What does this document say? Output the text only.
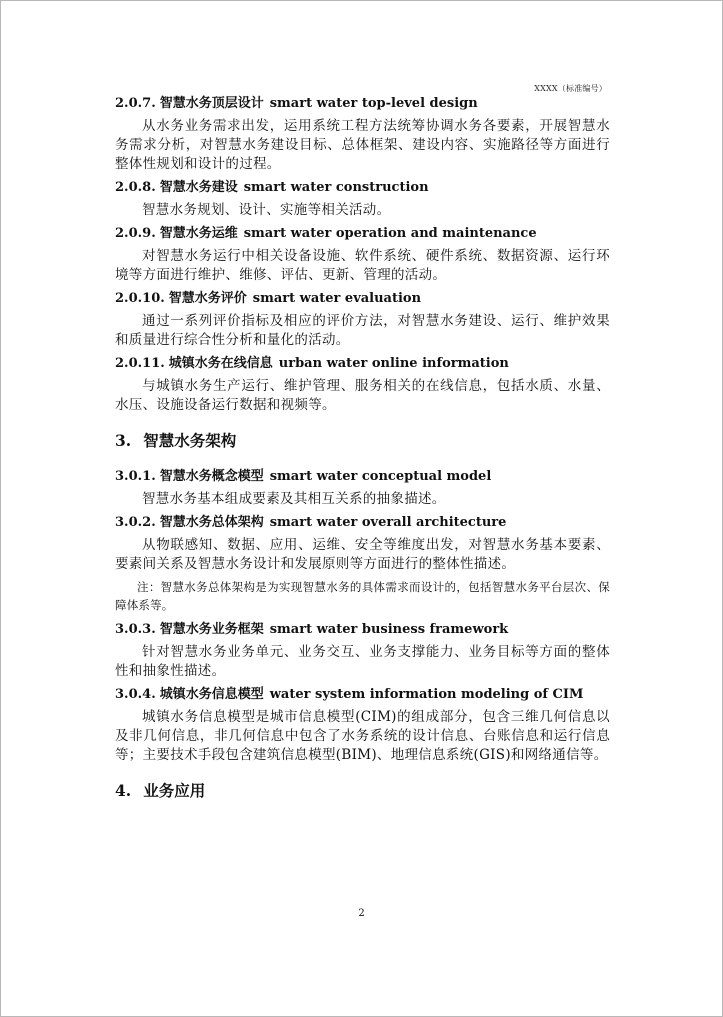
XXXX（标准编号）
2.0.7. 智慧水务顶层设计 smart water top-level design

从水务业务需求出发，运用系统工程方法统筹协调水务各要素，开展智慧水务需求分析，对智慧水务建设目标、总体框架、建设内容、实施路径等方面进行整体性规划和设计的过程。

2.0.8. 智慧水务建设 smart water construction

智慧水务规划、设计、实施等相关活动。

2.0.9. 智慧水务运维 smart water operation and maintenance

对智慧水务运行中相关设备设施、软件系统、硬件系统、数据资源、运行环境等方面进行维护、维修、评估、更新、管理的活动。

2.0.10. 智慧水务评价 smart water evaluation

通过一系列评价指标及相应的评价方法，对智慧水务建设、运行、维护效果和质量进行综合性分析和量化的活动。

2.0.11. 城镇水务在线信息 urban water online information

与城镇水务生产运行、维护管理、服务相关的在线信息，包括水质、水量、水压、设施设备运行数据和视频等。

3. 智慧水务架构
3.0.1. 智慧水务概念模型 smart water conceptual model

智慧水务基本组成要素及其相互关系的抽象描述。

3.0.2. 智慧水务总体架构 smart water overall architecture

从物联感知、数据、应用、运维、安全等维度出发，对智慧水务基本要素、要素间关系及智慧水务设计和发展原则等方面进行的整体性描述。

注：智慧水务总体架构是为实现智慧水务的具体需求而设计的，包括智慧水务平台层次、保障体系等。

3.0.3. 智慧水务业务框架 smart water business framework

针对智慧水务业务单元、业务交互、业务支撑能力、业务目标等方面的整体性和抽象性描述。

3.0.4. 城镇水务信息模型 water system information modeling of CIM

城镇水务信息模型是城市信息模型(CIM)的组成部分，包含三维几何信息以及非几何信息，非几何信息中包含了水务系统的设计信息、台账信息和运行信息等；主要技术手段包含建筑信息模型(BIM)、地理信息系统(GIS)和网络通信等。

4. 业务应用
2
